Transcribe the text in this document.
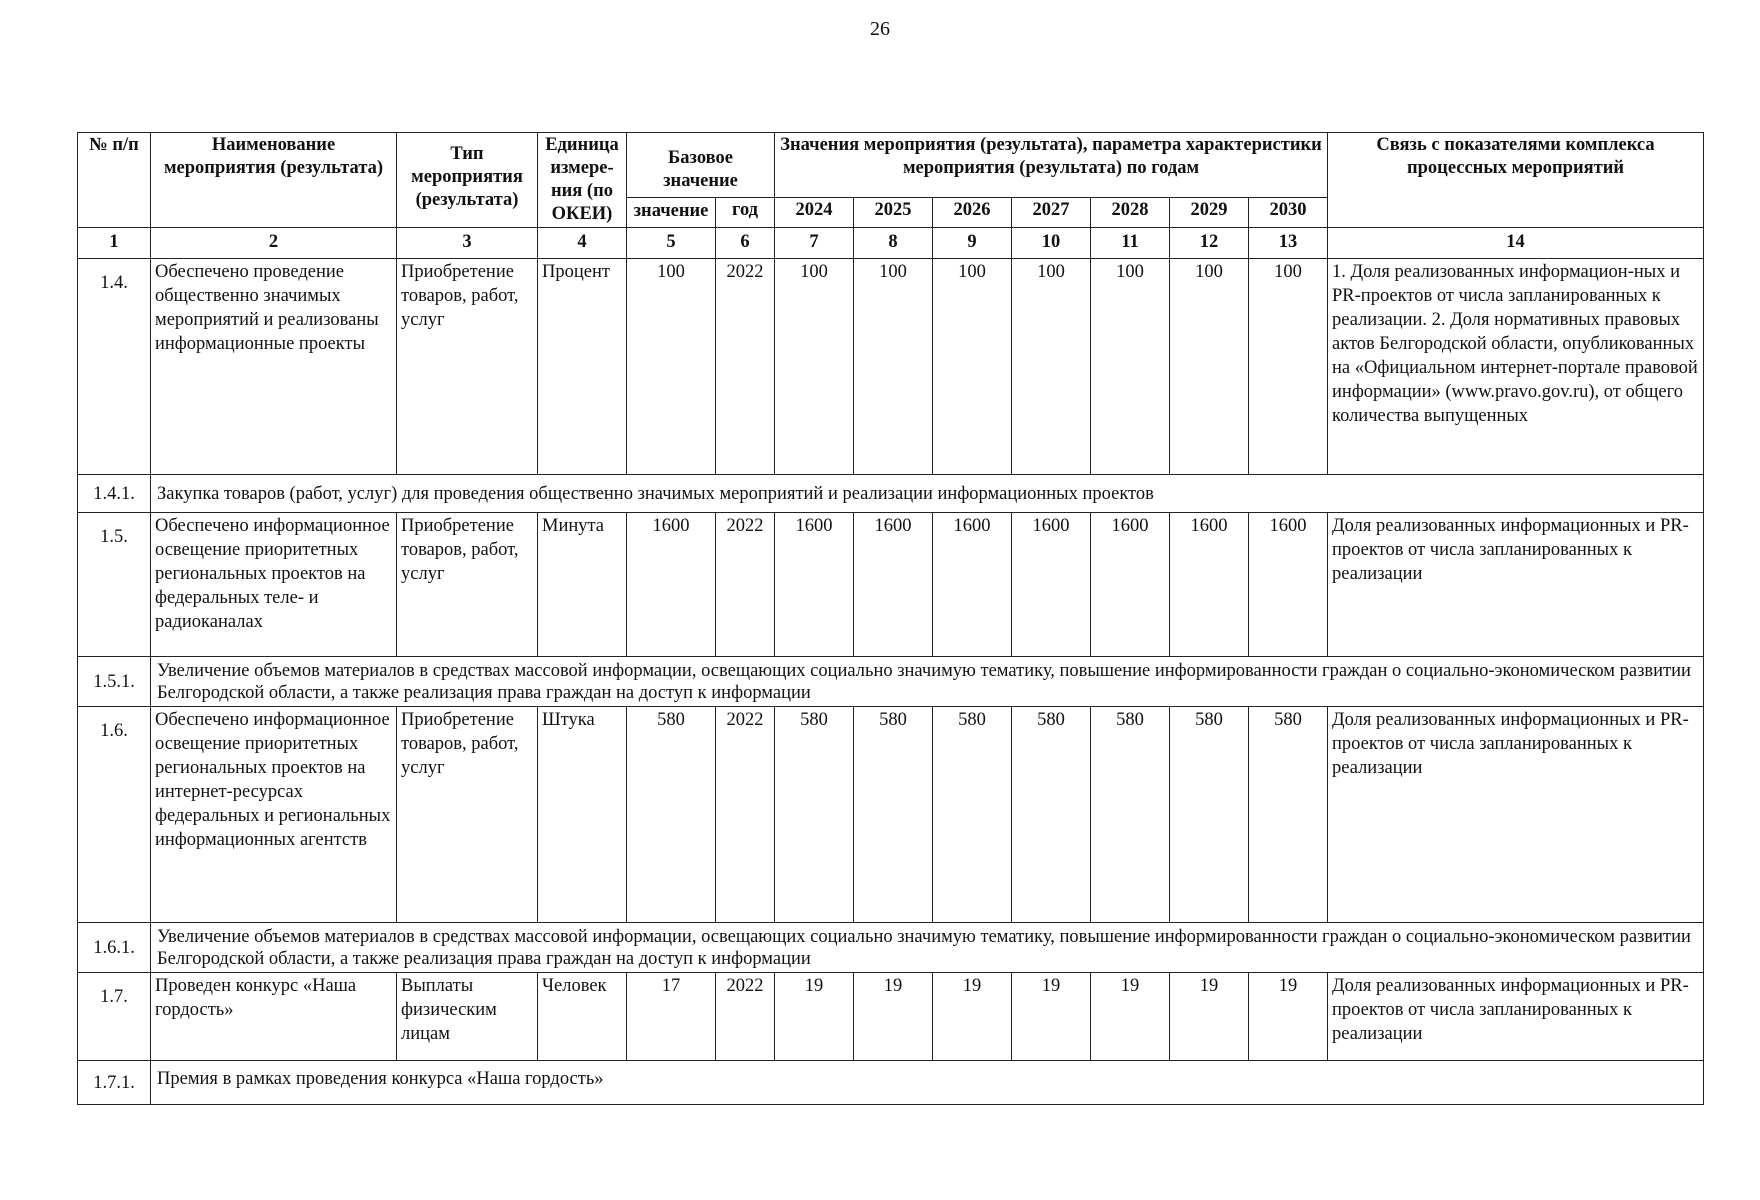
26
№ п/п	Наименование мероприятия (результата)	Тип мероприятия (результата)	Единица измере-ния (по ОКЕИ)	Базовое значение		Значения мероприятия (результата), параметра характеристики мероприятия (результата) по годам							Связь с показателями комплекса процессных мероприятий
				значение	год	2024	2025	2026	2027	2028	2029	2030	
1	2	3	4	5	6	7	8	9	10	11	12	13	14
1.4.	Обеспечено проведение общественно значимых мероприятий и реализованы информационные проекты	Приобретение товаров, работ, услуг	Процент	100	2022	100	100	100	100	100	100	100	1. Доля реализованных информацион-ных и PR-проектов от числа запланированных к реализации. 2. Доля нормативных правовых актов Белгородской области, опубликованных на «Официальном интернет-портале правовой информации» (www.pravo.gov.ru), от общего количества выпущенных
1.4.1.	Закупка товаров (работ, услуг) для проведения общественно значимых мероприятий и реализации информационных проектов												
1.5.	Обеспечено информационное освещение приоритетных региональных проектов на федеральных теле- и радиоканалах	Приобретение товаров, работ, услуг	Минута	1600	2022	1600	1600	1600	1600	1600	1600	1600	Доля реализованных информационных и PR-проектов от числа запланированных к реализации
1.5.1.	Увеличение объемов материалов в средствах массовой информации, освещающих социально значимую тематику, повышение информированности граждан о социально-экономическом развитии Белгородской области, а также реализация права граждан на доступ к информации												
1.6.	Обеспечено информационное освещение приоритетных региональных проектов на интернет-ресурсах федеральных и региональных информационных агентств	Приобретение товаров, работ, услуг	Штука	580	2022	580	580	580	580	580	580	580	Доля реализованных информационных и PR-проектов от числа запланированных к реализации
1.6.1.	Увеличение объемов материалов в средствах массовой информации, освещающих социально значимую тематику, повышение информированности граждан о социально-экономическом развитии Белгородской области, а также реализация права граждан на доступ к информации												
1.7.	Проведен конкурс «Наша гордость»	Выплаты физическим лицам	Человек	17	2022	19	19	19	19	19	19	19	Доля реализованных информационных и PR-проектов от числа запланированных к реализации
1.7.1.	Премия в рамках проведения конкурса «Наша гордость»												
